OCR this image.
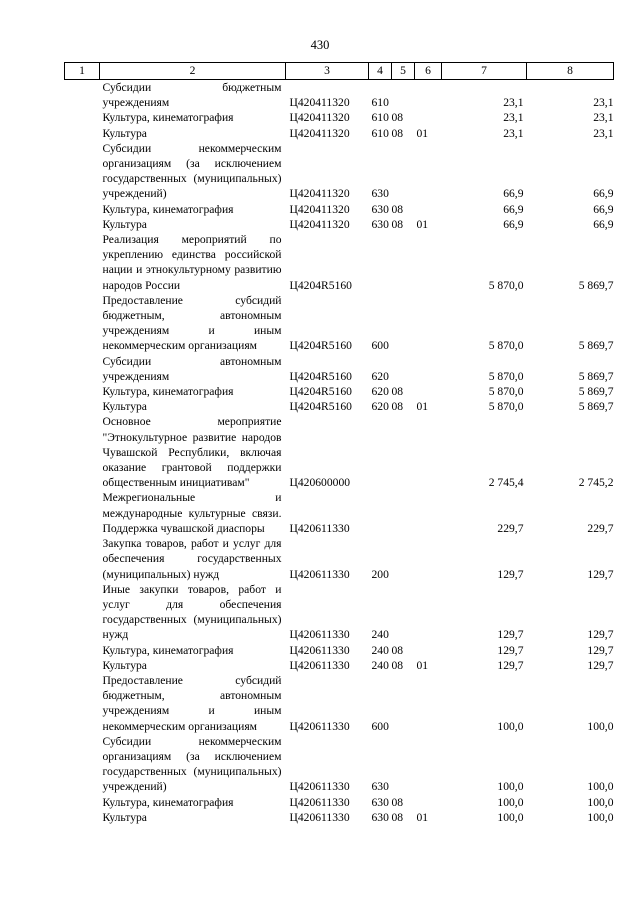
430
1	2	3	4	5	6	7	8
	Субсидии бюджетным учреждениям	Ц420411320	610			23,1	23,1
	Культура, кинематография	Ц420411320	610	08		23,1	23,1
	Культура	Ц420411320	610	08	01	23,1	23,1
	Субсидии некоммерческим организациям (за исключением государственных (муниципальных) учреждений)	Ц420411320	630			66,9	66,9
	Культура, кинематография	Ц420411320	630	08		66,9	66,9
	Культура	Ц420411320	630	08	01	66,9	66,9
	Реализация мероприятий по укреплению единства российской нации и этнокультурному развитию народов России	Ц4204R5160				5 870,0	5 869,7
	Предоставление субсидий бюджетным, автономным учреждениям и иным некоммерческим организациям	Ц4204R5160	600			5 870,0	5 869,7
	Субсидии автономным учреждениям	Ц4204R5160	620			5 870,0	5 869,7
	Культура, кинематография	Ц4204R5160	620	08		5 870,0	5 869,7
	Культура	Ц4204R5160	620	08	01	5 870,0	5 869,7
	Основное мероприятие "Этнокультурное развитие народов Чувашской Республики, включая оказание грантовой поддержки общественным инициативам"	Ц420600000				2 745,4	2 745,2
	Межрегиональные и международные культурные связи. Поддержка чувашской диаспоры	Ц420611330				229,7	229,7
	Закупка товаров, работ и услуг для обеспечения государственных (муниципальных) нужд	Ц420611330	200			129,7	129,7
	Иные закупки товаров, работ и услуг для обеспечения государственных (муниципальных) нужд	Ц420611330	240			129,7	129,7
	Культура, кинематография	Ц420611330	240	08		129,7	129,7
	Культура	Ц420611330	240	08	01	129,7	129,7
	Предоставление субсидий бюджетным, автономным учреждениям и иным некоммерческим организациям	Ц420611330	600			100,0	100,0
	Субсидии некоммерческим организациям (за исключением государственных (муниципальных) учреждений)	Ц420611330	630			100,0	100,0
	Культура, кинематография	Ц420611330	630	08		100,0	100,0
	Культура	Ц420611330	630	08	01	100,0	100,0
